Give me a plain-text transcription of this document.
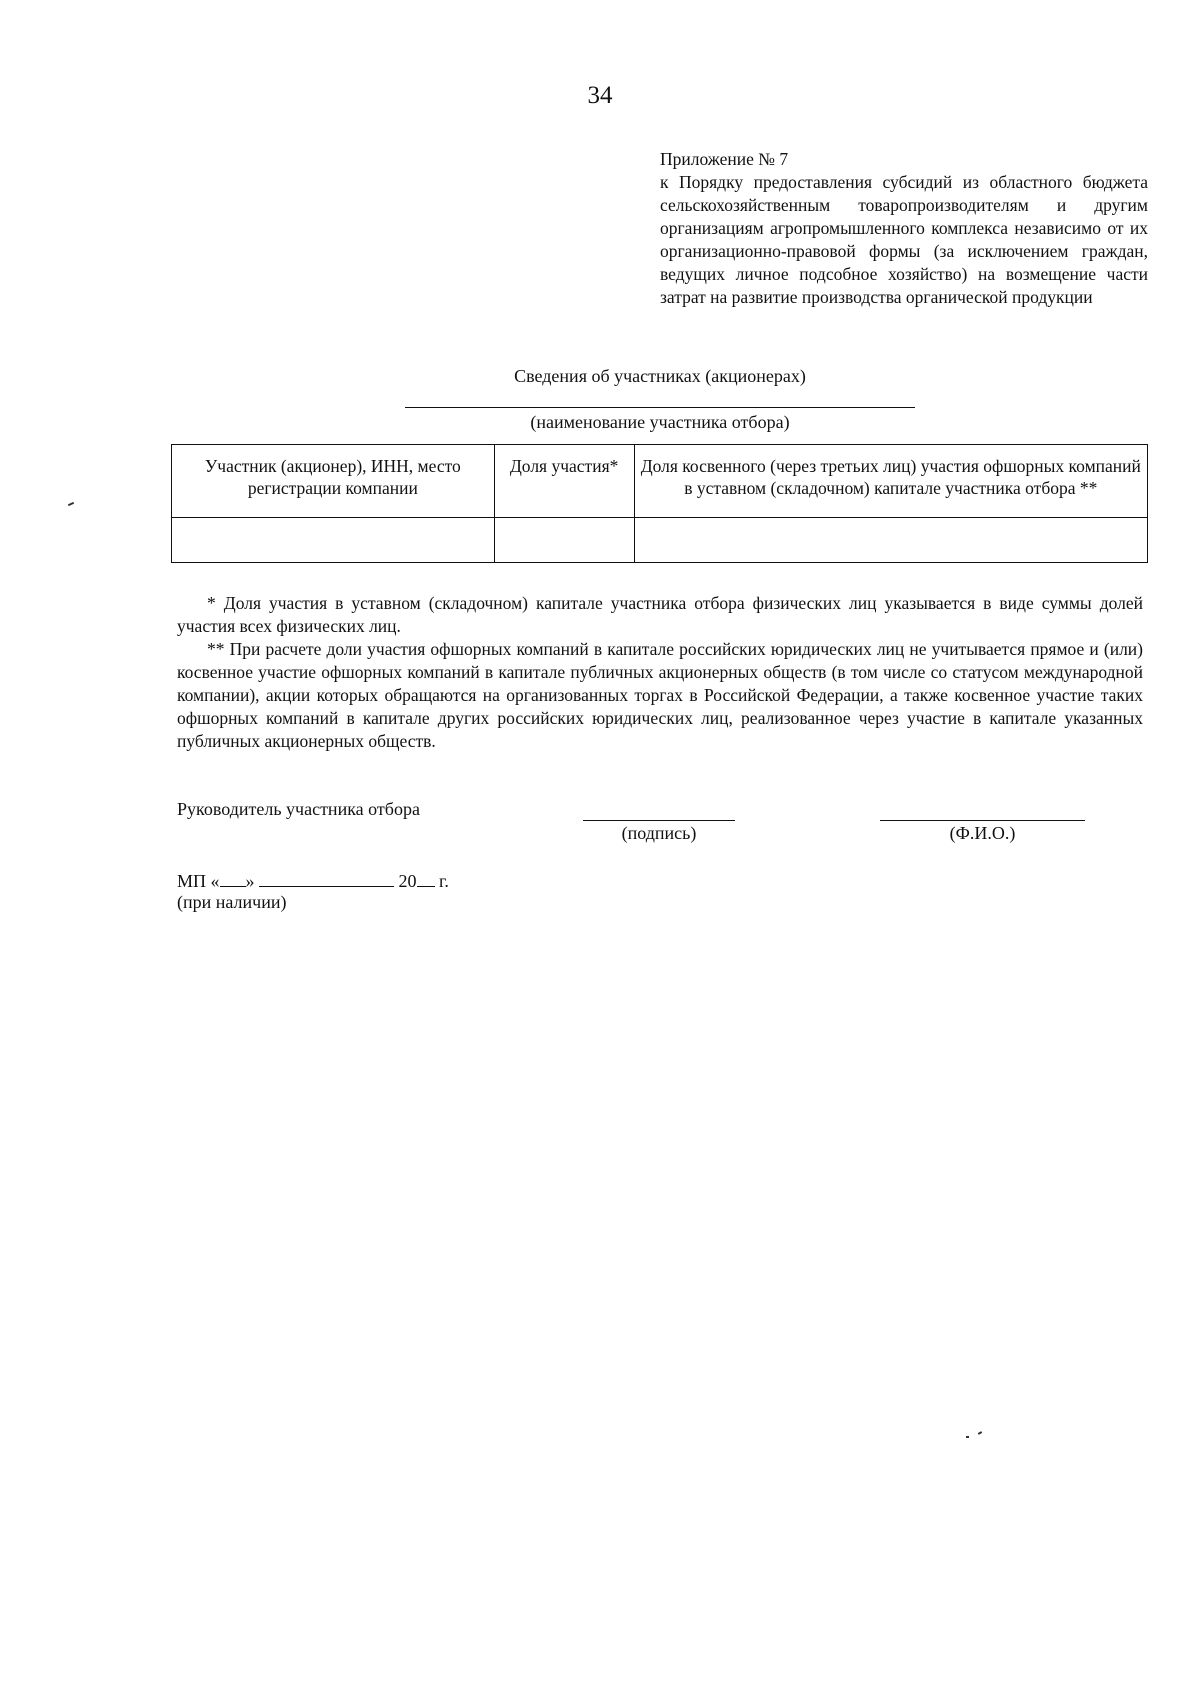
34
Приложение № 7
к Порядку предоставления субсидий из областного бюджета сельскохозяйственным товаропроизводителям и другим организациям агропромышленного комплекса независимо от их организационно-правовой формы (за исключением граждан, ведущих личное подсобное хозяйство) на возмещение части затрат на развитие производства органической продукции
Сведения об участниках (акционерах)
(наименование участника отбора)
Участник (акционер), ИНН, место регистрации компании	Доля участия*	Доля косвенного (через третьих лиц) участия офшорных компаний в уставном (складочном) капитале участника отбора **

* Доля участия в уставном (складочном) капитале участника отбора физических лиц указывается в виде суммы долей участия всех физических лиц.

** При расчете доли участия офшорных компаний в капитале российских юридических лиц не учитывается прямое и (или) косвенное участие офшорных компаний в капитале публичных акционерных обществ (в том числе со статусом международной компании), акции которых обращаются на организованных торгах в Российской Федерации, а также косвенное участие таких офшорных компаний в капитале других российских юридических лиц, реализованное через участие в капитале указанных публичных акционерных обществ.

Руководитель участника отбора
(подпись)	(Ф.И.О.)
МП « »	20 г.
(при наличии)
